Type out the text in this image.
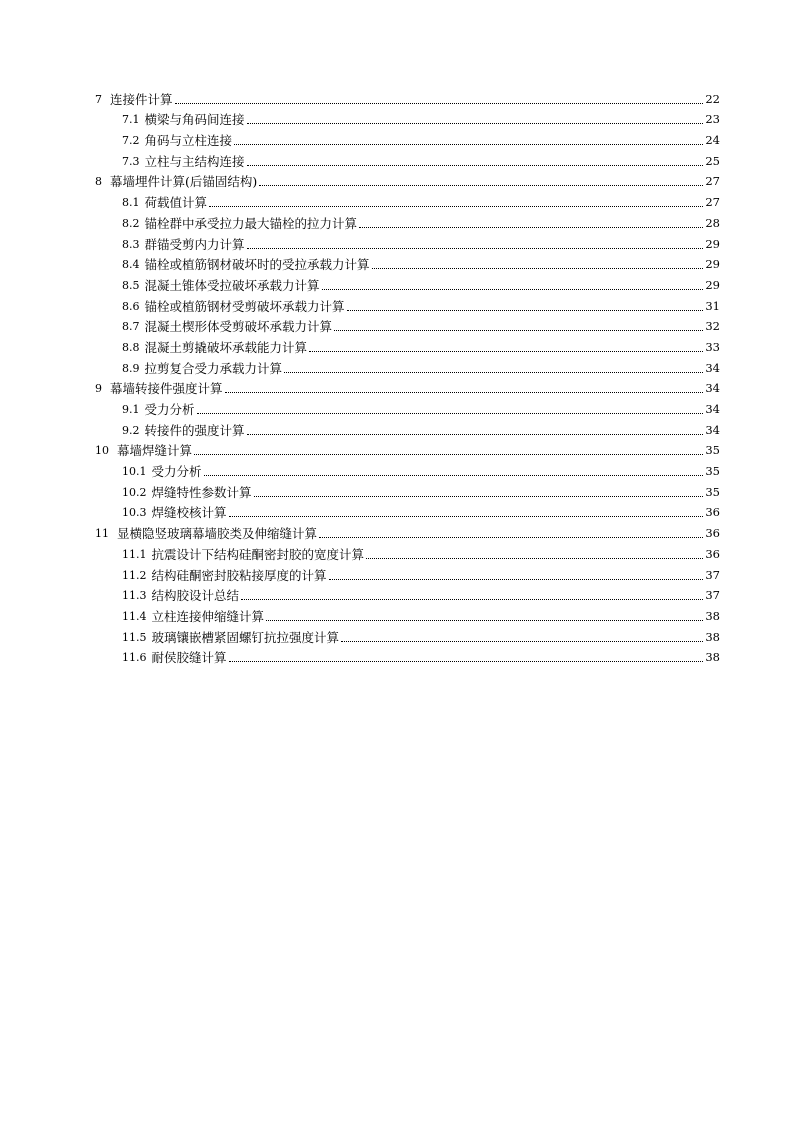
7 连接件计算	22
7.1 横梁与角码间连接	23
7.2 角码与立柱连接	24
7.3 立柱与主结构连接	25
8 幕墙埋件计算(后锚固结构)	27
8.1 荷载值计算	27
8.2 锚栓群中承受拉力最大锚栓的拉力计算	28
8.3 群锚受剪内力计算	29
8.4 锚栓或植筋钢材破坏时的受拉承载力计算	29
8.5 混凝土锥体受拉破坏承载力计算	29
8.6 锚栓或植筋钢材受剪破坏承载力计算	31
8.7 混凝土楔形体受剪破坏承载力计算	32
8.8 混凝土剪撬破坏承载能力计算	33
8.9 拉剪复合受力承载力计算	34
9 幕墙转接件强度计算	34
9.1 受力分析	34
9.2 转接件的强度计算	34
10 幕墙焊缝计算	35
10.1 受力分析	35
10.2 焊缝特性参数计算	35
10.3 焊缝校核计算	36
11 显横隐竖玻璃幕墙胶类及伸缩缝计算	36
11.1 抗震设计下结构硅酮密封胶的宽度计算	36
11.2 结构硅酮密封胶粘接厚度的计算	37
11.3 结构胶设计总结	37
11.4 立柱连接伸缩缝计算	38
11.5 玻璃镶嵌槽紧固螺钉抗拉强度计算	38
11.6 耐侯胶缝计算	38
